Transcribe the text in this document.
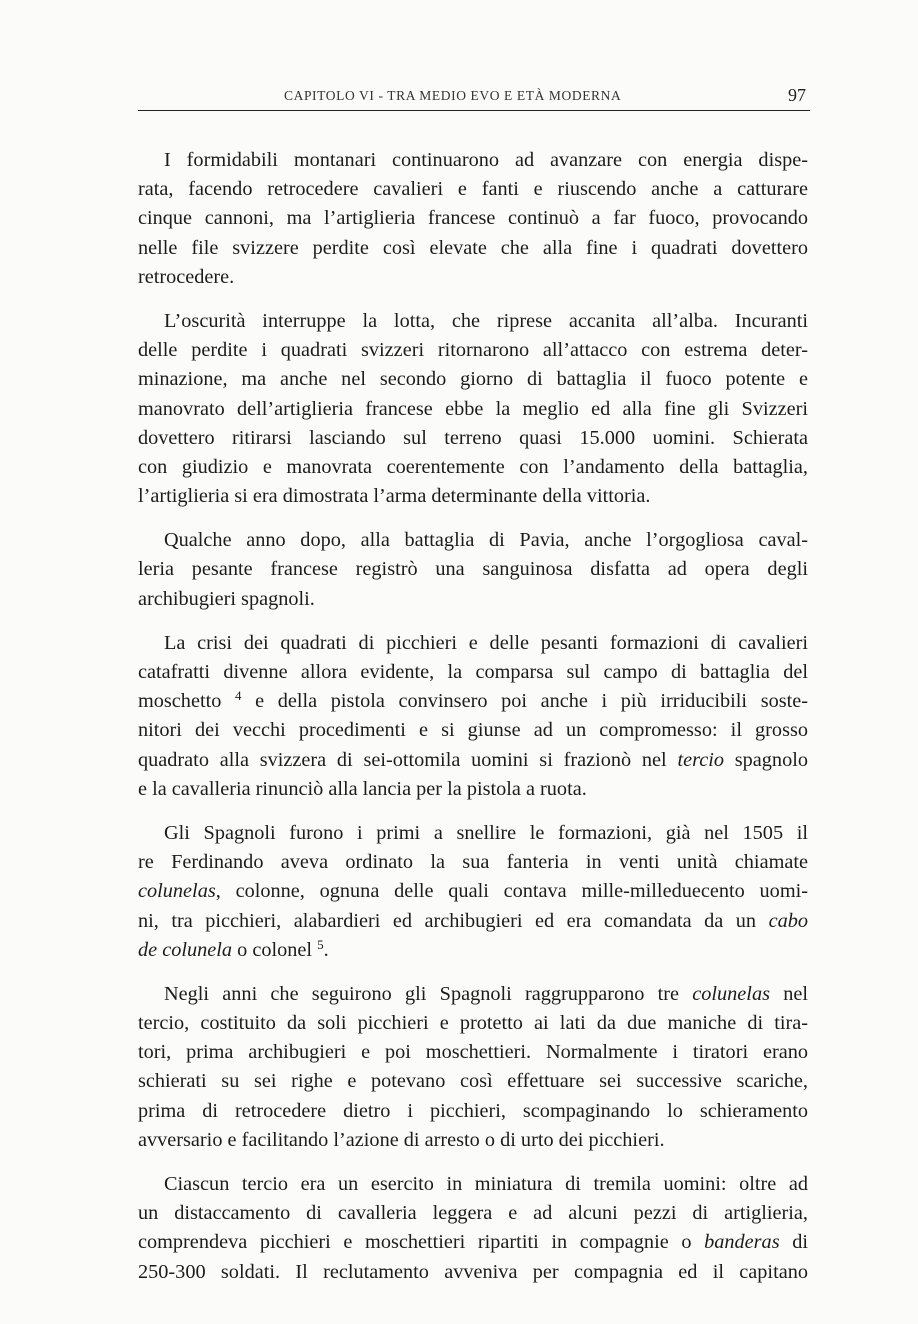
CAPITOLO VI - TRA MEDIO EVO E ETÀ MODERNA	97
I formidabili montanari continuarono ad avanzare con energia dispe-
rata, facendo retrocedere cavalieri e fanti e riuscendo anche a catturare
cinque cannoni, ma l’artiglieria francese continuò a far fuoco, provocando
nelle file svizzere perdite così elevate che alla fine i quadrati dovettero
retrocedere.
L’oscurità interruppe la lotta, che riprese accanita all’alba. Incuranti
delle perdite i quadrati svizzeri ritornarono all’attacco con estrema deter-
minazione, ma anche nel secondo giorno di battaglia il fuoco potente e
manovrato dell’artiglieria francese ebbe la meglio ed alla fine gli Svizzeri
dovettero ritirarsi lasciando sul terreno quasi 15.000 uomini. Schierata
con giudizio e manovrata coerentemente con l’andamento della battaglia,
l’artiglieria si era dimostrata l’arma determinante della vittoria.
Qualche anno dopo, alla battaglia di Pavia, anche l’orgogliosa caval-
leria pesante francese registrò una sanguinosa disfatta ad opera degli
archibugieri spagnoli.
La crisi dei quadrati di picchieri e delle pesanti formazioni di cavalieri
catafratti divenne allora evidente, la comparsa sul campo di battaglia del
moschetto $^4$ e della pistola convinsero poi anche i più irriducibili soste-
nitori dei vecchi procedimenti e si giunse ad un compromesso: il grosso
quadrato alla svizzera di sei-ottomila uomini si frazionò nel tercio spagnolo
e la cavalleria rinunciò alla lancia per la pistola a ruota.
Gli Spagnoli furono i primi a snellire le formazioni, già nel 1505 il
re Ferdinando aveva ordinato la sua fanteria in venti unità chiamate
colunelas, colonne, ognuna delle quali contava mille-milleduecento uomi-
ni, tra picchieri, alabardieri ed archibugieri ed era comandata da un cabo
de colunela o colonel $^5$.
Negli anni che seguirono gli Spagnoli raggrupparono tre colunelas nel
tercio, costituito da soli picchieri e protetto ai lati da due maniche di tira-
tori, prima archibugieri e poi moschettieri. Normalmente i tiratori erano
schierati su sei righe e potevano così effettuare sei successive scariche,
prima di retrocedere dietro i picchieri, scompaginando lo schieramento
avversario e facilitando l’azione di arresto o di urto dei picchieri.
Ciascun tercio era un esercito in miniatura di tremila uomini: oltre ad
un distaccamento di cavalleria leggera e ad alcuni pezzi di artiglieria,
comprendeva picchieri e moschettieri ripartiti in compagnie o banderas di
250-300 soldati. Il reclutamento avveniva per compagnia ed il capitano
